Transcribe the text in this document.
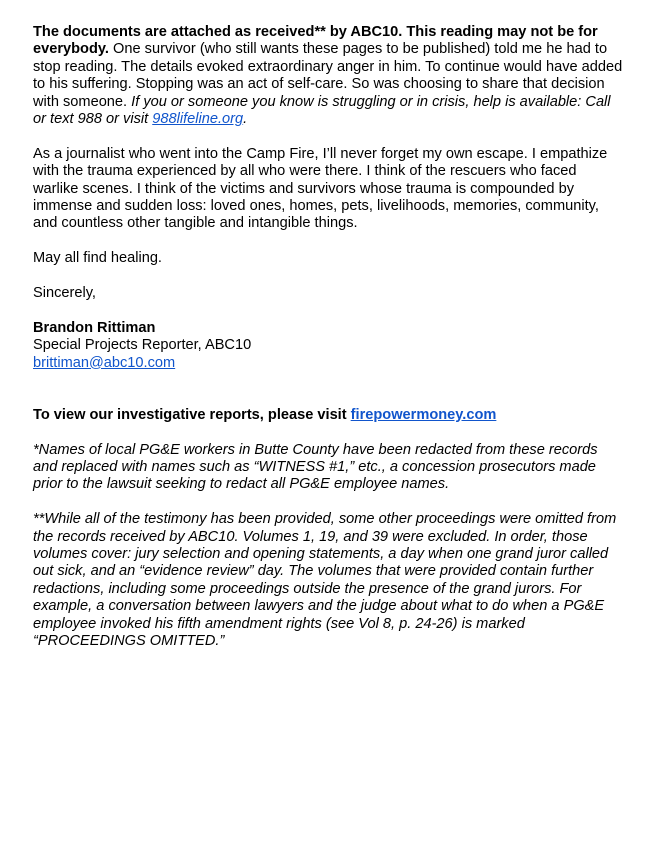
The documents are attached as received** by ABC10. This reading may not be for everybody. One survivor (who still wants these pages to be published) told me he had to stop reading. The details evoked extraordinary anger in him. To continue would have added to his suffering. Stopping was an act of self-care. So was choosing to share that decision with someone. If you or someone you know is struggling or in crisis, help is available: Call or text 988 or visit 988lifeline.org.

As a journalist who went into the Camp Fire, I’ll never forget my own escape. I empathize with the trauma experienced by all who were there. I think of the rescuers who faced warlike scenes. I think of the victims and survivors whose trauma is compounded by immense and sudden loss: loved ones, homes, pets, livelihoods, memories, community, and countless other tangible and intangible things.

May all find healing.

Sincerely,

Brandon Rittiman

Special Projects Reporter, ABC10

brittiman@abc10.com

To view our investigative reports, please visit firepowermoney.com

*Names of local PG&E workers in Butte County have been redacted from these records and replaced with names such as “WITNESS #1,” etc., a concession prosecutors made prior to the lawsuit seeking to redact all PG&E employee names.

**While all of the testimony has been provided, some other proceedings were omitted from the records received by ABC10. Volumes 1, 19, and 39 were excluded. In order, those volumes cover: jury selection and opening statements, a day when one grand juror called out sick, and an “evidence review” day. The volumes that were provided contain further redactions, including some proceedings outside the presence of the grand jurors. For example, a conversation between lawyers and the judge about what to do when a PG&E employee invoked his fifth amendment rights (see Vol 8, p. 24-26) is marked “PROCEEDINGS OMITTED.”
